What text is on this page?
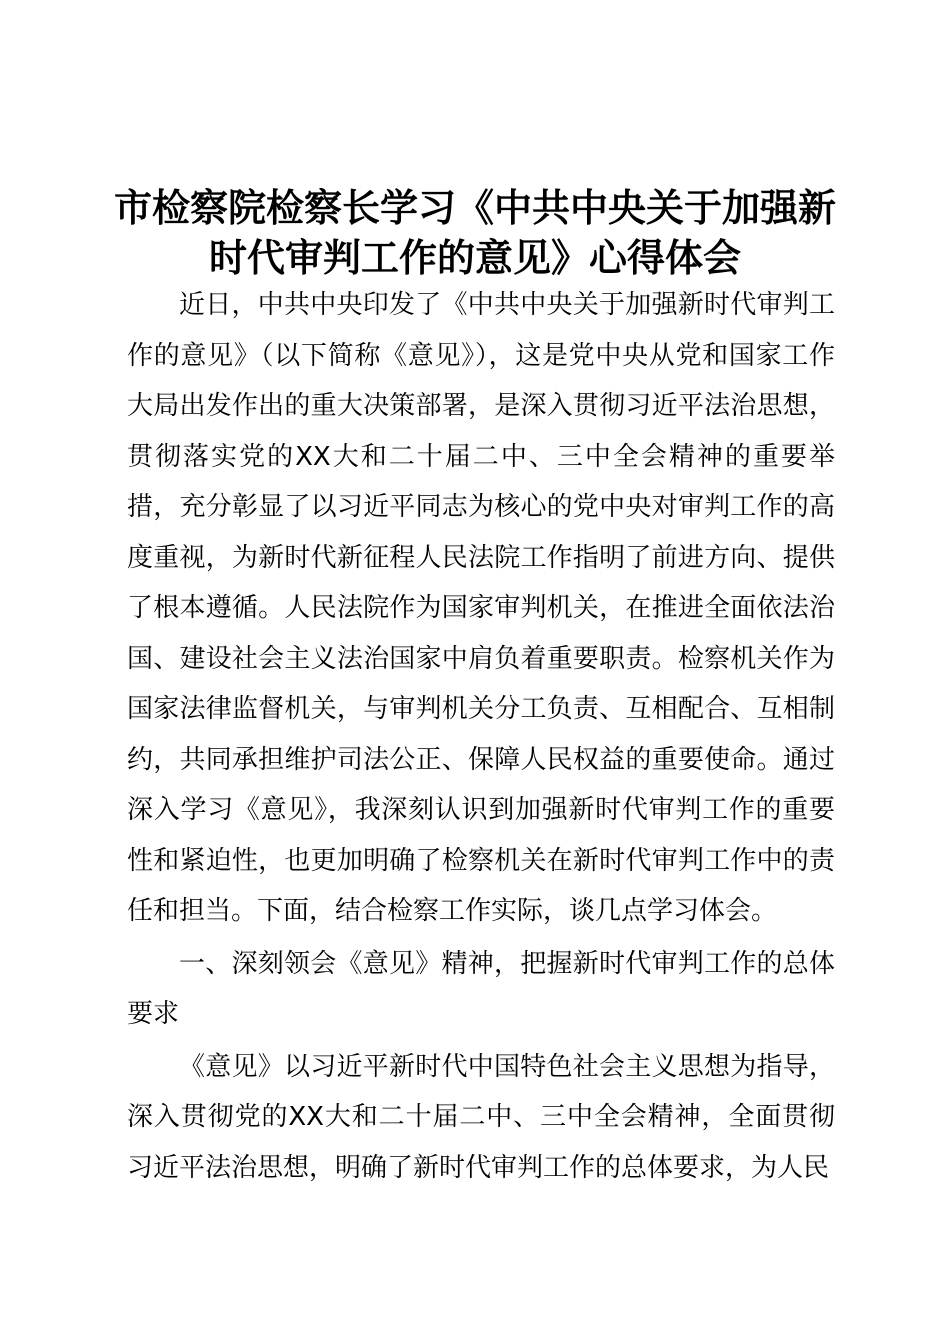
市检察院检察长学习《中共中央关于加强新时代审判工作的意见》心得体会

近日，中共中央印发了《中共中央关于加强新时代审判工作的意见》（以下简称《意见》），这是党中央从党和国家工作大局出发作出的重大决策部署，是深入贯彻习近平法治思想，贯彻落实党的XX大和二十届二中、三中全会精神的重要举措，充分彰显了以习近平同志为核心的党中央对审判工作的高度重视，为新时代新征程人民法院工作指明了前进方向、提供了根本遵循。人民法院作为国家审判机关，在推进全面依法治国、建设社会主义法治国家中肩负着重要职责。检察机关作为国家法律监督机关，与审判机关分工负责、互相配合、互相制约，共同承担维护司法公正、保障人民权益的重要使命。通过深入学习《意见》，我深刻认识到加强新时代审判工作的重要性和紧迫性，也更加明确了检察机关在新时代审判工作中的责任和担当。下面，结合检察工作实际，谈几点学习体会。

一、深刻领会《意见》精神，把握新时代审判工作的总体要求

《意见》以习近平新时代中国特色社会主义思想为指导，深入贯彻党的XX大和二十届二中、三中全会精神，全面贯彻习近平法治思想，明确了新时代审判工作的总体要求，为人民
